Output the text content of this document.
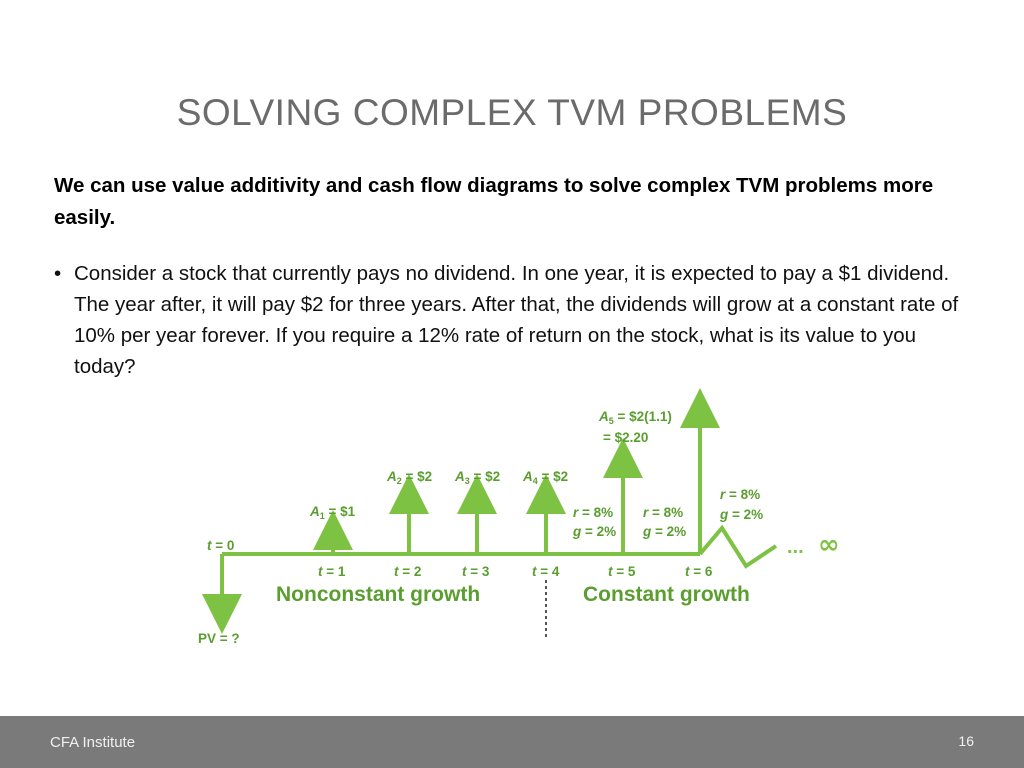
SOLVING COMPLEX TVM PROBLEMS
We can use value additivity and cash flow diagrams to solve complex TVM problems more easily.
• Consider a stock that currently pays no dividend. In one year, it is expected to pay a $1 dividend. The year after, it will pay $2 for three years. After that, the dividends will grow at a constant rate of 10% per year forever. If you require a 12% rate of return on the stock, what is its value to you today?
t = 0
PV = ?
t = 1	t = 2	t = 3	t = 4	t = 5	t = 6
$A_1$ = $1
$A_2$ = $2 $A_3$ = $2 $A_4$ = $2
$A_5$ = $2(1.1)
= $2.20
r = 8%
g = 2%
r = 8%
g = 2%
r = 8%
g = 2%
Nonconstant growth	Constant growth
... ∞
CFA Institute	16
